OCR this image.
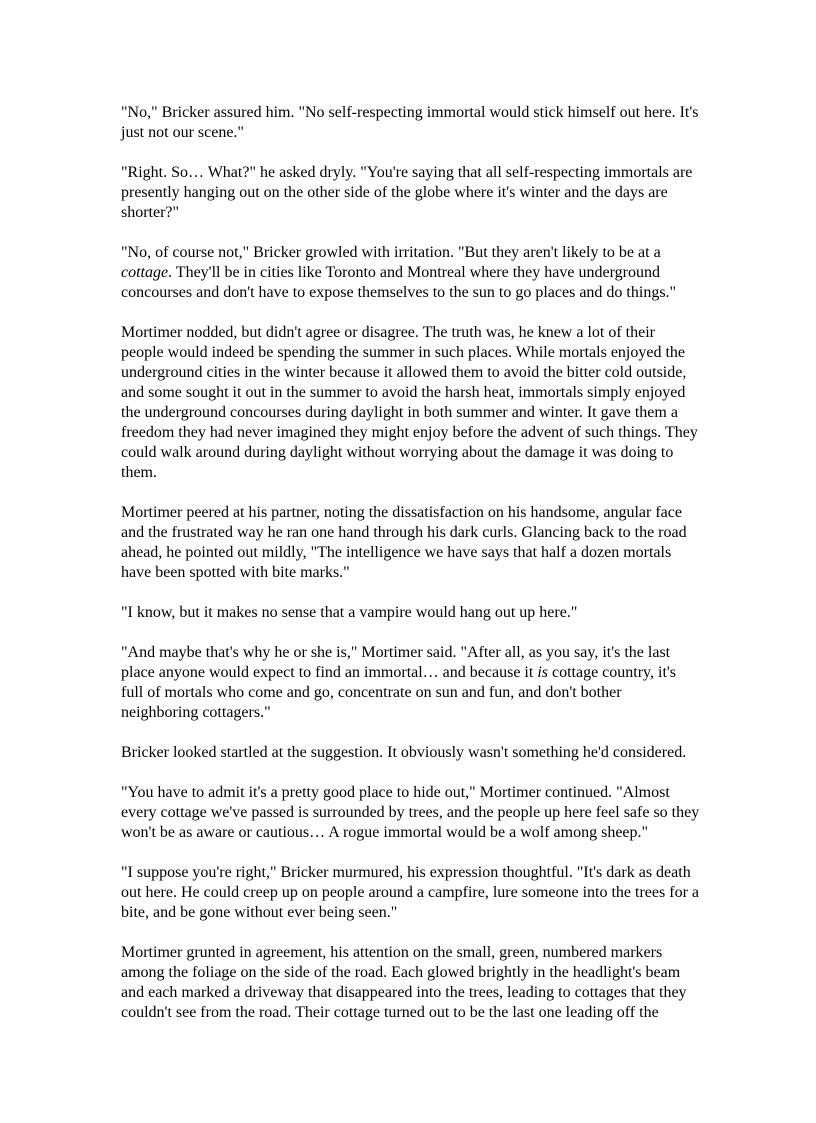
"No," Bricker assured him. "No self-respecting immortal would stick himself out here. It's just not our scene."

"Right. So… What?" he asked dryly. "You're saying that all self-respecting immortals are presently hanging out on the other side of the globe where it's winter and the days are shorter?"

"No, of course not," Bricker growled with irritation. "But they aren't likely to be at a cottage. They'll be in cities like Toronto and Montreal where they have underground concourses and don't have to expose themselves to the sun to go places and do things."

Mortimer nodded, but didn't agree or disagree. The truth was, he knew a lot of their people would indeed be spending the summer in such places. While mortals enjoyed the underground cities in the winter because it allowed them to avoid the bitter cold outside, and some sought it out in the summer to avoid the harsh heat, immortals simply enjoyed the underground concourses during daylight in both summer and winter. It gave them a freedom they had never imagined they might enjoy before the advent of such things. They could walk around during daylight without worrying about the damage it was doing to them.

Mortimer peered at his partner, noting the dissatisfaction on his handsome, angular face and the frustrated way he ran one hand through his dark curls. Glancing back to the road ahead, he pointed out mildly, "The intelligence we have says that half a dozen mortals have been spotted with bite marks."

"I know, but it makes no sense that a vampire would hang out up here."

"And maybe that's why he or she is," Mortimer said. "After all, as you say, it's the last place anyone would expect to find an immortal… and because it is cottage country, it's full of mortals who come and go, concentrate on sun and fun, and don't bother neighboring cottagers."

Bricker looked startled at the suggestion. It obviously wasn't something he'd considered.

"You have to admit it's a pretty good place to hide out," Mortimer continued. "Almost every cottage we've passed is surrounded by trees, and the people up here feel safe so they won't be as aware or cautious… A rogue immortal would be a wolf among sheep."

"I suppose you're right," Bricker murmured, his expression thoughtful. "It's dark as death out here. He could creep up on people around a campfire, lure someone into the trees for a bite, and be gone without ever being seen."

Mortimer grunted in agreement, his attention on the small, green, numbered markers among the foliage on the side of the road. Each glowed brightly in the headlight's beam and each marked a driveway that disappeared into the trees, leading to cottages that they couldn't see from the road. Their cottage turned out to be the last one leading off the
